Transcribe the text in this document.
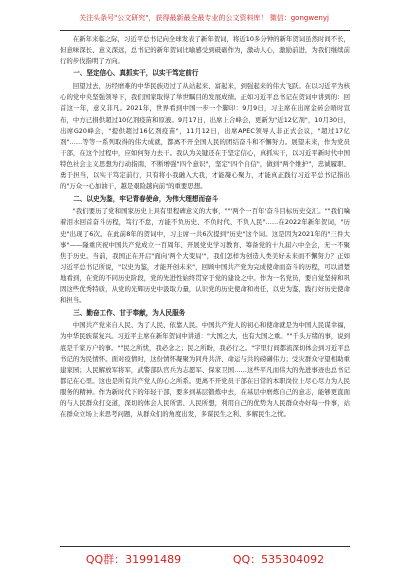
关注头条号"公文研究"，获得最新最全最专业的公文资料库！ 微信：gongwenyj

在新年来临之际，习近平总书记向全球发表了新年贺词，将近10多分钟的新年贺词虽然时间不长，但意味深长、意义深远，总书记的新年贺词比喻感受到砥砺作为，激动人心，激励前进，为我们继续前行的步伐指明了方向。

一、坚定信心、真抓实干，以实干笃定前行

回望过去，历经磨难的中华民族迈过了从站起来、富起来，到强起来的伟大飞跃。在以习近平为核心的党中央坚强领导下，我们国家取得了举世瞩目的发展成绩。正如习近平总书记在贺词中讲到的：回首这一年，意义非凡。2021年，世界看到中国一步一个脚印：9月9日，习主席在出席金砖会晤时宣布，中方已捐供超过10亿剂疫苗和原液。9月17日，出席上合峰会，更新为"近12亿剂"，10月30日，出席G20峰会，"提供超过16亿剂疫苗"，11月12日，出席APEC领导人非正式会议，"超过17亿剂"……等等一系列取得的伟大成就，都离不开全国人民的团结奋斗和不懈努力。展望未来，作为党员干部，在这个过程中，应如何努力去干。我认为关键还在于坚定信心，真抓实干，以习近平新时代中国特色社会主义思想为行动指南，不断增强"四个意识"，坚定"四个自信"，做到"两个维护"，忠诚履职、勇于担当，以实干笃定前行，只有将小我融入大我，才能凝心聚力，才能真正践行习近平总书记指出的"万众一心加油干，越是艰险越向前"的重要思想。

二、以史为鉴，牢记青春使命，为伟大理想而奋斗

"我们要历了党和国家历史上具有里程碑意义的大事，""'两个一百年'奋斗目标历史交汇。""我们噙着泪水回首奋斗历程，笃行不怠，方能不负历史、不负时代、不负人民"……在2022年新年贺词，"历史"出现了6次。在此前8年的贺词中，习主席一共6次提到"历史"这个词。这是因为2021年的"三件大事"——隆重庆祝中国共产党成立一百周年、开展党史学习教育、筹备党的十九届六中全会，无一不聚焦于历史。当前，我国正在开启"面向'两个大变局'"，我们怎样为创造人类美好未来而不懈努力？正如习近平总书记所说，"以史为鉴，才能开创未来"，回顾中国共产党为完成使命而奋斗的历程，可以清楚地看到，在党的不同历史阶段，党的先进性始终贯穿于党的建设之中。作为一名党员，要自觉坚持和巩固这些优秀特质，从党的光辉历史中汲取力量，认识党的历史使命和责任，以史为鉴，践行好历史使命和担当。

三、勤奋工作、甘于奉献，为人民服务

中国共产党来自人民、为了人民、依靠人民。中国共产党人的初心和使命就是为中国人民谋幸福，为中华民族谋复兴。习近平主席在新年贺词中讲道："大国之大，也有大国之重。""千头万绪的事，说到底是千家万户的事。""民之所忧，我必念之；民之所盼，我必行之。"字里行间都流深切体会到习近平总书记的为民情怀。面对疫情时，这份情怀凝聚为同舟共济、命运与共的磅礴伟力；受灾群众守望相助重建家园；人民解放军将军，武警部队官兵为志愿军、保家卫国……这些平凡而伟大的先进事迹也总书记都记在心里。这也是所有共产党人的心之所系。更离不开党员干部在日常的本职岗位上尽心尽力为人民服务的精神。作为新时代下的年轻干部，要多到基层锻炼中去，在基层中磨炼自己的意志，能够更直面的与人民群众打交道，深切的体会人民所需、人民所想，利用自己的优势为人民群众办好每一件事，站在群众立场上来思考问题，从群众们的角度出发，多谋民生之利、多解民生之忧。

QQ群：31991489	QQ：535304092
